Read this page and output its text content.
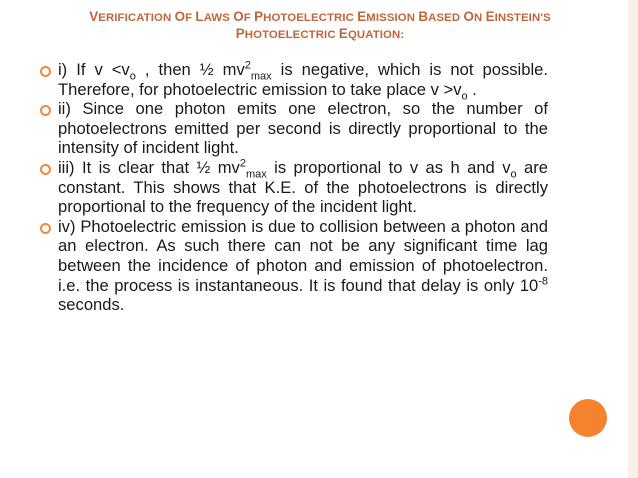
VERIFICATION OF LAWS OF PHOTOELECTRIC EMISSION BASED ON EINSTEIN'S
PHOTOELECTRIC EQUATION:
i) If $v <v_o$ , then ½ $mv^2_{max}$ is negative, which is not possible. Therefore, for photoelectric emission to take place $v >v_o$ .
ii) Since one photon emits one electron, so the number of photoelectrons emitted per second is directly proportional to the intensity of incident light.
iii) It is clear that ½ $mv^2_{max}$ is proportional to v as h and $v_o$ are constant. This shows that K.E. of the photoelectrons is directly proportional to the frequency of the incident light.
iv) Photoelectric emission is due to collision between a photon and an electron. As such there can not be any significant time lag between the incidence of photon and emission of photoelectron. i.e. the process is instantaneous. It is found that delay is only $10^{-8}$ seconds.
